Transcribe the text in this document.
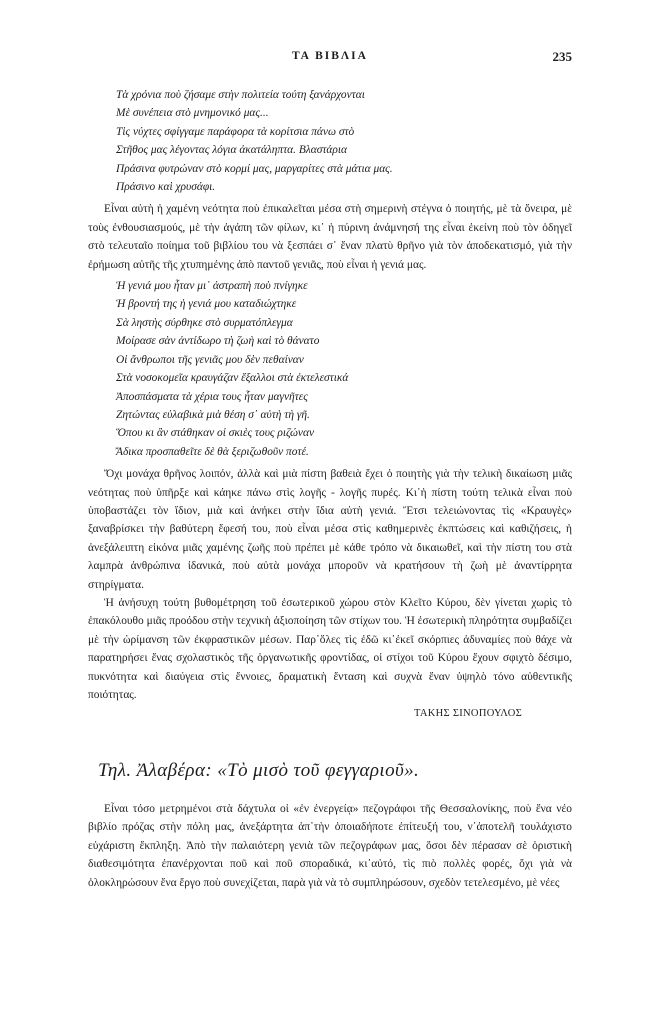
ΤΑ ΒΙΒΛΙΑ	235
Τὰ χρόνια ποὺ ζήσαμε στὴν πολιτεία τούτη ξανάρχονται
Μὲ συνέπεια στὸ μνημονικό μας...
Τὶς νύχτες σφίγγαμε παράφορα τὰ κορίτσια πάνω στὸ
Στῆθος μας λέγοντας λόγια ἀκατάληπτα. Βλαστάρια
Πράσινα φυτρώναν στὸ κορμί μας, μαργαρίτες στὰ μάτια μας.
Πράσινο καὶ χρυσάφι.

Εἶναι αὐτὴ ἡ χαμένη νεότητα ποὺ ἐπικαλεῖται μέσα στὴ σημερινὴ στέγνα ὁ ποιητής, μὲ τὰ ὄνειρα, μὲ τοὺς ἐνθουσιασμούς, μὲ τὴν ἀγάπη τῶν φίλων, κι᾿ ἡ πύρινη ἀνάμνησή της εἶναι ἐκείνη ποὺ τὸν ὁδηγεῖ στὸ τελευταῖο ποίημα τοῦ βιβλίου του νὰ ξεσπάει σ᾿ ἕναν πλατὺ θρῆνο γιὰ τὸν ἀποδεκατισμό, γιὰ τὴν ἐρήμωση αὐτῆς τῆς χτυπημένης ἀπὸ παντοῦ γενιᾶς, ποὺ εἶναι ἡ γενιά μας.

Ἡ γενιά μου ἦταν μι᾿ ἀστραπὴ ποὺ πνίγηκε
Ἡ βροντή της ἡ γενιά μου καταδιώχτηκε
Σὰ ληστὴς σύρθηκε στὸ συρματόπλεγμα
Μοίρασε σὰν ἀντίδωρο τὴ ζωὴ καὶ τὸ θάνατο
Οἱ ἄνθρωποι τῆς γενιᾶς μου δὲν πεθαίναν
Στὰ νοσοκομεῖα κραυγάζαν ἔξαλλοι στὰ ἐκτελεστικά
Ἀποσπάσματα τὰ χέρια τους ἦταν μαγνῆτες
Ζητώντας εὐλαβικὰ μιὰ θέση σ᾿ αὐτὴ τὴ γῆ.
Ὅπου κι ἂν στάθηκαν οἱ σκιὲς τους ριζώναν
Ἄδικα προσπαθεῖτε δὲ θὰ ξεριζωθοῦν ποτέ.

Ὄχι μονάχα θρῆνος λοιπόν, ἀλλὰ καὶ μιὰ πίστη βαθειὰ ἔχει ὁ ποιητὴς γιὰ τὴν τελικὴ δικαίωση μιᾶς νεότητας ποὺ ὑπῆρξε καὶ κάηκε πάνω στὶς λογῆς - λογῆς πυρές. Κι᾿ἡ πίστη τούτη τελικὰ εἶναι ποὺ ὑποβαστάζει τὸν ἴδιον, μιὰ καὶ ἀνήκει στὴν ἴδια αὐτὴ γενιά. Ἔτσι τελειώνοντας τὶς «Κραυγὲς» ξαναβρίσκει τὴν βαθύτερη ἔφεσή του, ποὺ εἶναι μέσα στὶς καθημερινὲς ἐκπτώσεις καὶ καθιζήσεις, ἡ ἀνεξάλειπτη εἰκόνα μιᾶς χαμένης ζωῆς ποὺ πρέπει μὲ κάθε τρόπο νὰ δικαιωθεῖ, καὶ τὴν πίστη του στὰ λαμπρὰ ἀνθρώπινα ἰδανικά, ποὺ αὐτὰ μονάχα μποροῦν νὰ κρατήσουν τὴ ζωὴ μὲ ἀναντίρρητα στηρίγματα.

Ἡ ἀνήσυχη τούτη βυθομέτρηση τοῦ ἐσωτερικοῦ χώρου στὸν Κλεῖτο Κύρου, δὲν γίνεται χωρὶς τὸ ἐπακόλουθο μιᾶς προόδου στὴν τεχνικὴ ἀξιοποίηση τῶν στίχων του. Ἡ ἐσωτερικὴ πληρότητα συμβαδίζει μὲ τὴν ὡρίμανση τῶν ἐκφραστικῶν μέσων. Παρ᾿ὅλες τὶς ἐδῶ κι᾿ἐκεῖ σκόρπιες ἀδυναμίες ποὺ θάχε νὰ παρατηρήσει ἕνας σχολαστικὸς τῆς ὀργανωτικῆς φροντίδας, οἱ στίχοι τοῦ Κύρου ἔχουν σφιχτὸ δέσιμο, πυκνότητα καὶ διαύγεια στὶς ἔννοιες, δραματικὴ ἔνταση καὶ συχνὰ ἕναν ὑψηλὸ τόνο αὐθεντικῆς ποιότητας.

ΤΑΚΗΣ ΣΙΝΟΠΟΥΛΟΣ
Τηλ. Ἀλαβέρα: «Τὸ μισὸ τοῦ φεγγαριοῦ».

Εἶναι τόσο μετρημένοι στὰ δάχτυλα οἱ «ἐν ἐνεργείᾳ» πεζογράφοι τῆς Θεσσαλονίκης, ποὺ ἕνα νέο βιβλίο πρόζας στὴν πόλη μας, ἀνεξάρτητα ἀπ᾿τὴν ὁποιαδήποτε ἐπίτευξή του, ν᾿ἀποτελῆ τουλάχιστο εὐχάριστη ἔκπληξη. Ἀπὸ τὴν παλαιότερη γενιὰ τῶν πεζογράφων μας, ὅσοι δὲν πέρασαν σὲ ὁριστικὴ διαθεσιμότητα ἐπανέρχονται ποῦ καὶ ποῦ σποραδικά, κι᾿αὐτό, τὶς πιὸ πολλὲς φορές, ὄχι γιὰ νὰ ὁλοκληρώσουν ἕνα ἔργο ποὺ συνεχίζεται, παρὰ γιὰ νὰ τὸ συμπληρώσουν, σχεδὸν τετελεσμένο, μὲ νέες
